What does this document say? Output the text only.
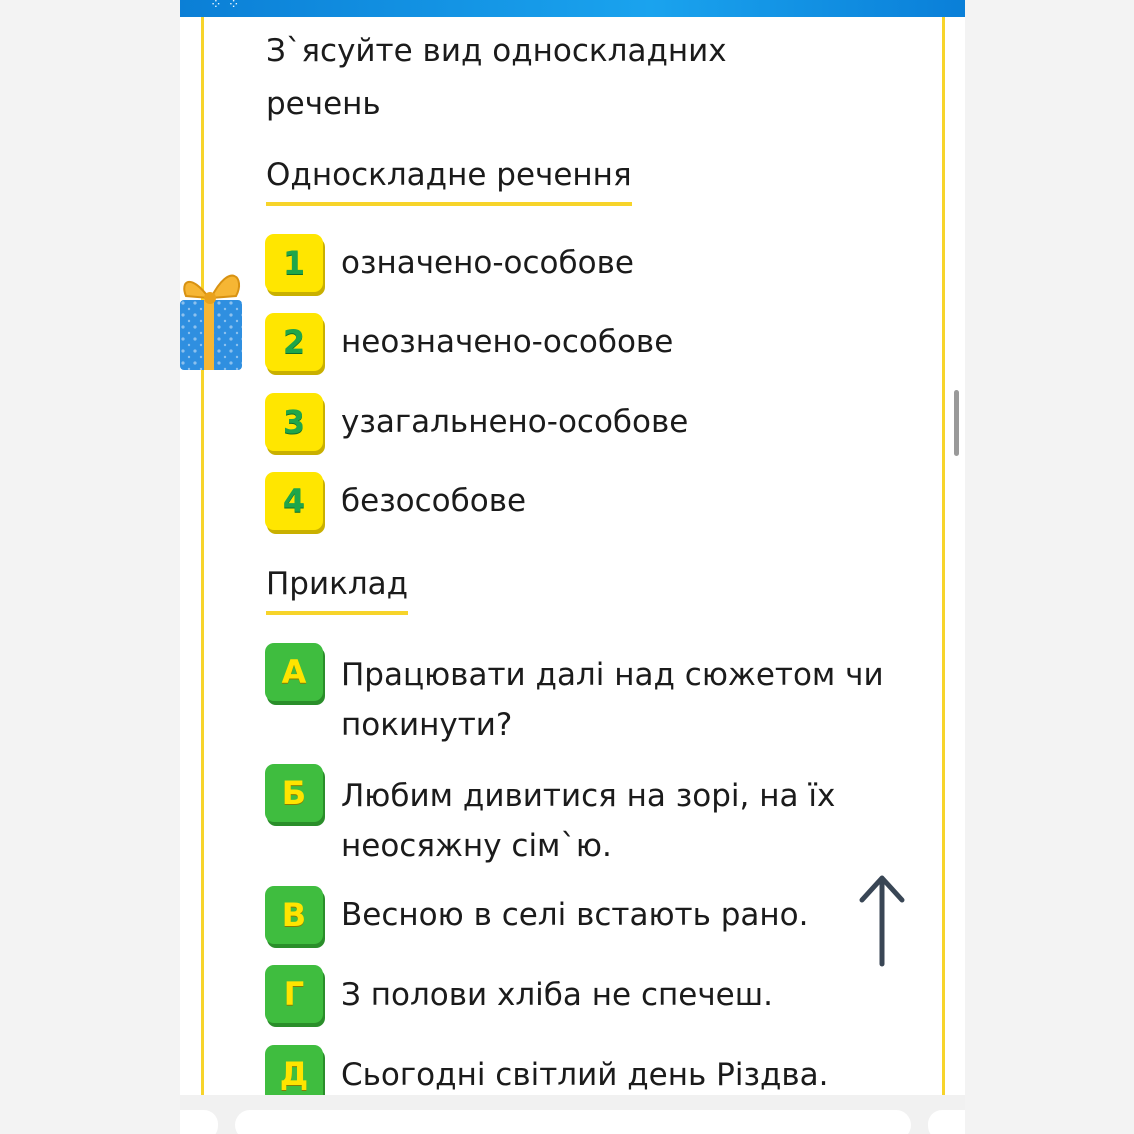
⁘⁘
З`ясуйте вид односкладних
речень
Односкладне речення
1	означено-особове
2	неозначено-особове
3	узагальнено-особове
4	безособове
Приклад
А	Працювати далі над сюжетом чи
покинути?
Б	Любим дивитися на зорі, на їх
неосяжну сім`ю.
В	Весною в селі встають рано.
Г	З полови хліба не спечеш.
Д	Сьогодні світлий день Різдва.
